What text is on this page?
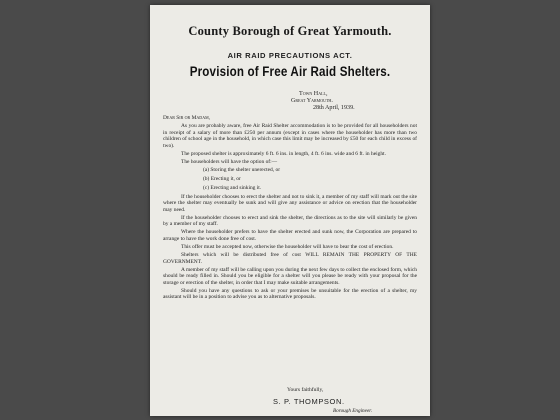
County Borough of Great Yarmouth.
AIR RAID PRECAUTIONS ACT.
Provision of Free Air Raid Shelters.
Town Hall,
Great Yarmouth.
28th April, 1939.
Dear Sir or Madam,

As you are probably aware, free Air Raid Shelter accommodation is to be provided for all householders not in receipt of a salary of more than £250 per annum (except in cases where the householder has more than two children of school age in the household, in which case this limit may be increased by £50 for each child in excess of two).

The proposed shelter is approximately 6 ft. 6 ins. in length, 4 ft. 6 ins. wide and 6 ft. in height.

The householders will have the option of:—

(a) Storing the shelter unerected, or
(b) Erecting it, or
(c) Erecting and sinking it.

If the householder chooses to erect the shelter and not to sink it, a member of my staff will mark out the site where the shelter may eventually be sunk and will give any assistance or advice on erection that the householder may need.

If the householder chooses to erect and sink the shelter, the directions as to the site will similarly be given by a member of my staff.

Where the householder prefers to have the shelter erected and sunk now, the Corporation are prepared to arrange to have the work done free of cost.

This offer must be accepted now, otherwise the householder will have to bear the cost of erection.

Shelters which will be distributed free of cost WILL REMAIN THE PROPERTY OF THE GOVERNMENT.

A member of my staff will be calling upon you during the next few days to collect the enclosed form, which should be ready filled in. Should you be eligible for a shelter will you please be ready with your proposal for the storage or erection of the shelter, in order that I may make suitable arrangements.

Should you have any questions to ask or your premises be unsuitable for the erection of a shelter, my assistant will be in a position to advise you as to alternative proposals.

Yours faithfully,
S. P. THOMPSON.
Borough Engineer.
